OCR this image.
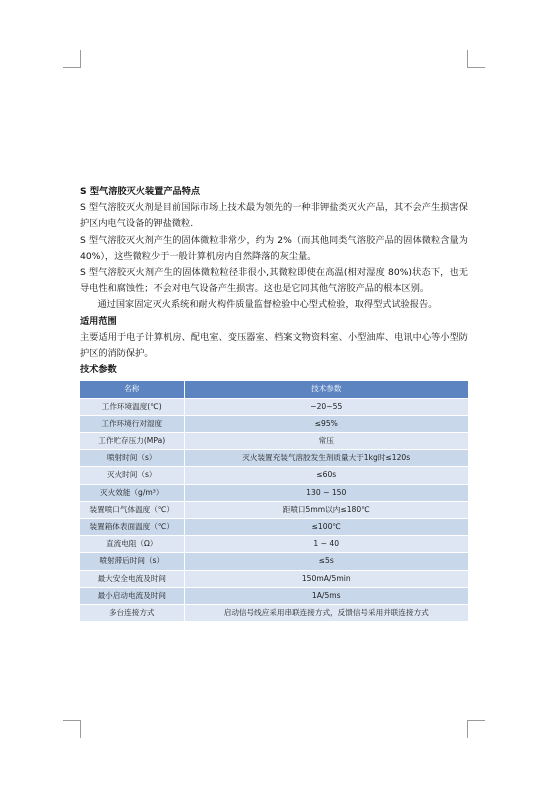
S 型气溶胶灭火装置产品特点

S 型气溶胶灭火剂是目前国际市场上技术最为领先的一种非钾盐类灭火产品，其不会产生损害保护区内电气设备的钾盐微粒.

S 型气溶胶灭火剂产生的固体微粒非常少，约为 2%（而其他同类气溶胶产品的固体微粒含量为 40%），这些微粒少于一般计算机房内自然降落的灰尘量。

S 型气溶胶灭火剂产生的固体微粒粒径非很小,其微粒即使在高温(相对湿度 80%)状态下，也无导电性和腐蚀性；不会对电气设备产生损害。这也是它同其他气溶胶产品的根本区别。

通过国家固定灭火系统和耐火构件质量监督检验中心型式检验，取得型式试验报告。

适用范围

主要适用于电子计算机房、配电室、变压器室、档案文物资料室、小型油库、电讯中心等小型防护区的消防保护。

技术参数

名称	技术参数
工作环境温度(℃)	−20~55
工作环境行对湿度	≤95%
工作贮存压力(MPa)	常压
喷射时间（s）	灭火装置充装气溶胶发生剂质量大于1kg时≤120s
灭火时间（s）	≤60s
灭火效能（g/m³）	130 ~ 150
装置喷口气体温度（℃）	距喷口5mm以内≤180℃
装置箱体表面温度（℃）	≤100℃
直流电阻（Ω）	1 ~ 40
喷射滞后时间（s）	≤5s
最大安全电流及时间	150mA/5min
最小启动电流及时间	1A/5ms
多台连接方式	启动信号线应采用串联连接方式，反馈信号采用并联连接方式
